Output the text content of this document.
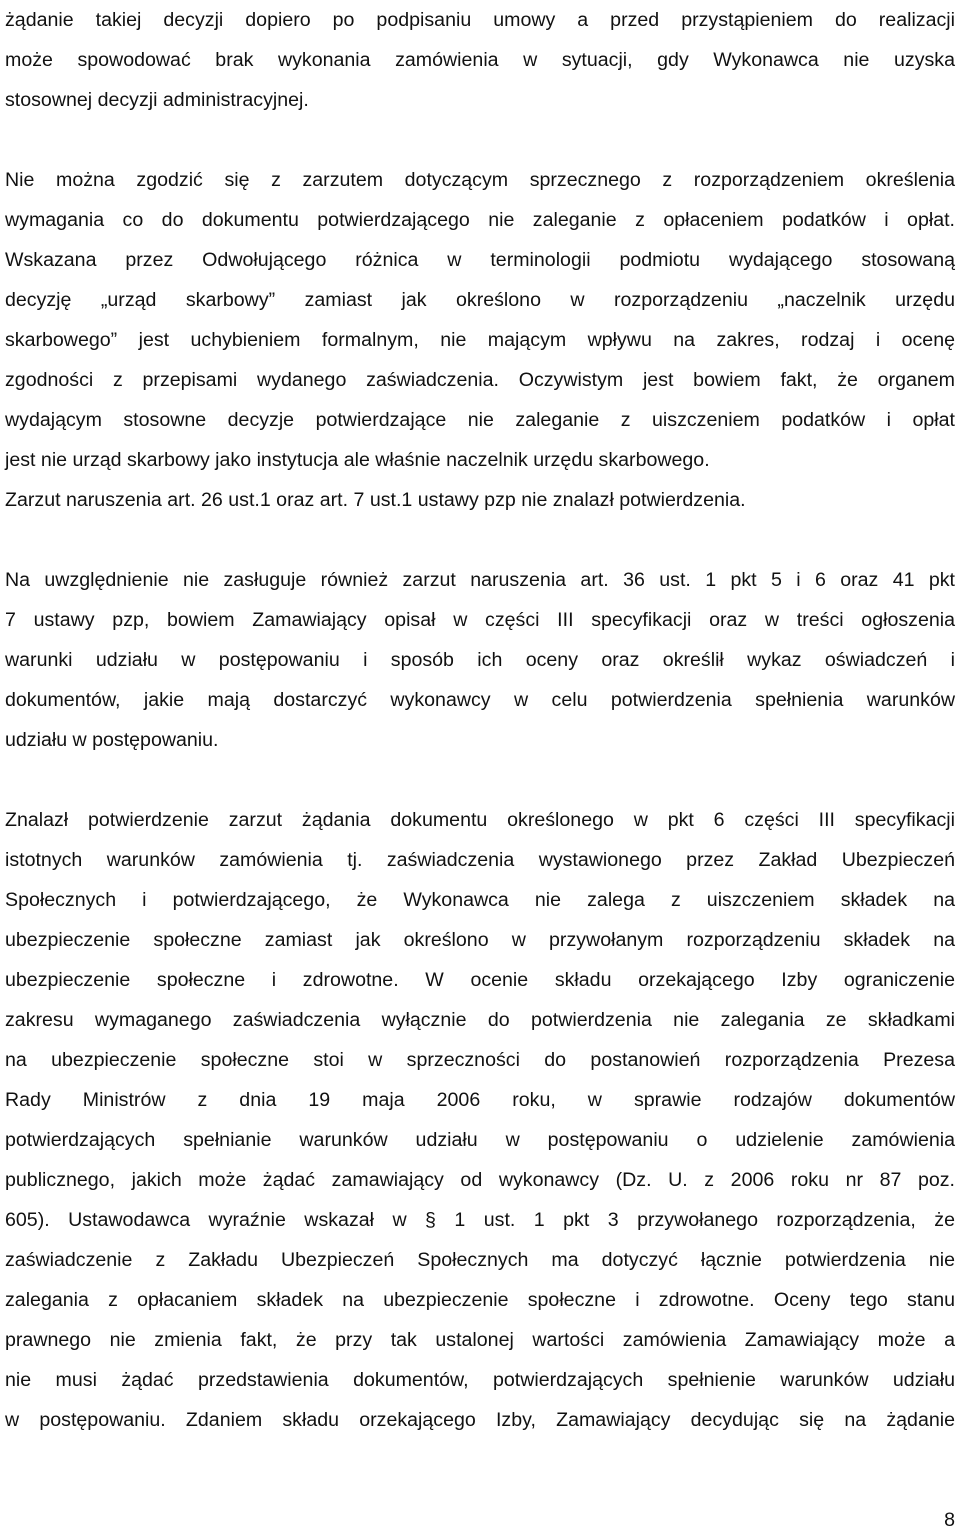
żądanie takiej decyzji dopiero po podpisaniu umowy a przed przystąpieniem do realizacji
może spowodować brak wykonania zamówienia w sytuacji, gdy Wykonawca nie uzyska
stosownej decyzji administracyjnej.
Nie można zgodzić się z zarzutem dotyczącym sprzecznego z rozporządzeniem określenia
wymagania co do dokumentu potwierdzającego nie zaleganie z opłaceniem podatków i opłat.
Wskazana przez Odwołującego różnica w terminologii podmiotu wydającego stosowaną
decyzję „urząd skarbowy” zamiast jak określono w rozporządzeniu „naczelnik urzędu
skarbowego” jest uchybieniem formalnym, nie mającym wpływu na zakres, rodzaj i ocenę
zgodności z przepisami wydanego zaświadczenia. Oczywistym jest bowiem fakt, że organem
wydającym stosowne decyzje potwierdzające nie zaleganie z uiszczeniem podatków i opłat
jest nie urząd skarbowy jako instytucja ale właśnie naczelnik urzędu skarbowego.
Zarzut naruszenia art. 26 ust.1 oraz art. 7 ust.1 ustawy pzp nie znalazł potwierdzenia.
Na uwzględnienie nie zasługuje również zarzut naruszenia art. 36 ust. 1 pkt 5 i 6 oraz 41 pkt
7 ustawy pzp, bowiem Zamawiający opisał w części III specyfikacji oraz w treści ogłoszenia
warunki udziału w postępowaniu i sposób ich oceny oraz określił wykaz oświadczeń i
dokumentów, jakie mają dostarczyć wykonawcy w celu potwierdzenia spełnienia warunków
udziału w postępowaniu.
Znalazł potwierdzenie zarzut żądania dokumentu określonego w pkt 6 części III specyfikacji
istotnych warunków zamówienia tj. zaświadczenia wystawionego przez Zakład Ubezpieczeń
Społecznych i potwierdzającego, że Wykonawca nie zalega z uiszczeniem składek na
ubezpieczenie społeczne zamiast jak określono w przywołanym rozporządzeniu składek na
ubezpieczenie społeczne i zdrowotne. W ocenie składu orzekającego Izby ograniczenie
zakresu wymaganego zaświadczenia wyłącznie do potwierdzenia nie zalegania ze składkami
na ubezpieczenie społeczne stoi w sprzeczności do postanowień rozporządzenia Prezesa
Rady Ministrów z dnia 19 maja 2006 roku, w sprawie rodzajów dokumentów
potwierdzających spełnianie warunków udziału w postępowaniu o udzielenie zamówienia
publicznego, jakich może żądać zamawiający od wykonawcy (Dz. U. z 2006 roku nr 87 poz.
605). Ustawodawca wyraźnie wskazał w § 1 ust. 1 pkt 3 przywołanego rozporządzenia, że
zaświadczenie z Zakładu Ubezpieczeń Społecznych ma dotyczyć łącznie potwierdzenia nie
zalegania z opłacaniem składek na ubezpieczenie społeczne i zdrowotne. Oceny tego stanu
prawnego nie zmienia fakt, że przy tak ustalonej wartości zamówienia Zamawiający może a
nie musi żądać przedstawienia dokumentów, potwierdzających spełnienie warunków udziału
w postępowaniu. Zdaniem składu orzekającego Izby, Zamawiający decydując się na żądanie
8
